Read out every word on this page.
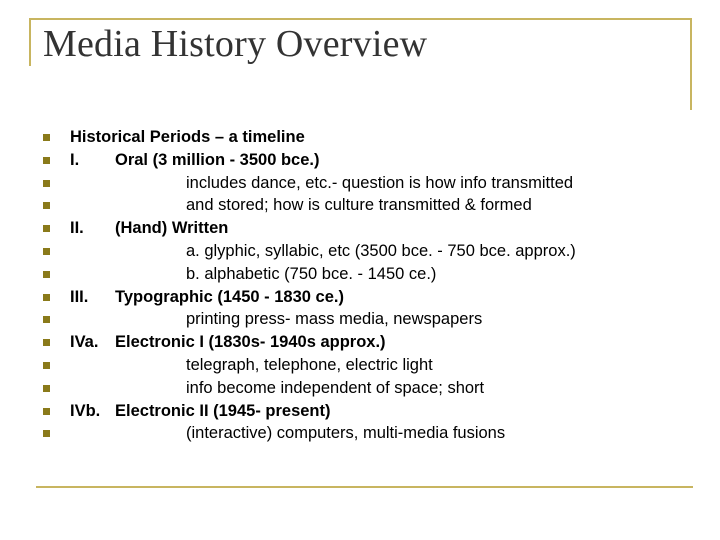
Media History Overview
Historical Periods – a timeline
I. Oral (3 million - 3500 bce.)
includes dance, etc.- question is how info transmitted
and stored; how is culture transmitted & formed
II. (Hand) Written
a. glyphic, syllabic, etc (3500 bce. - 750 bce. approx.)
b. alphabetic (750 bce. - 1450 ce.)
III. Typographic (1450 - 1830 ce.)
printing press- mass media, newspapers
IVa. Electronic I (1830s- 1940s approx.)
telegraph, telephone, electric light
info become independent of space; short
IVb. Electronic II (1945- present)
(interactive) computers, multi-media fusions
